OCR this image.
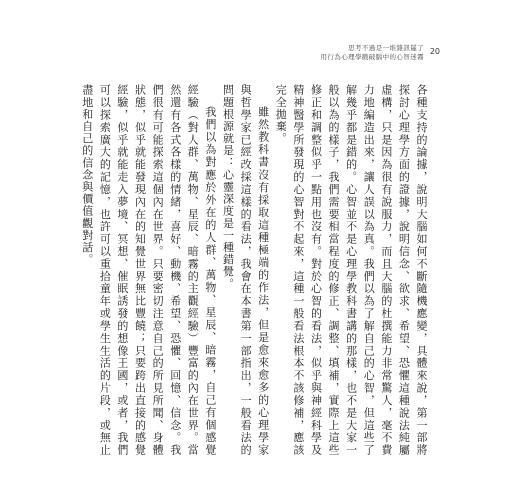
思考不過是一堆雜訊罷了
用行為心理學戳破腦中的心智迷霧
20

各種支持的論據，說明大腦如何不斷隨機應變，具體來說，第一部將探討心理學方面的證據，說明信念、欲求、希望、恐懼這種說法純屬虛構，只是因為很有說服力，而且大腦的杜撰能力非常驚人，毫不費力地編造出來，讓人誤以為真。我們以為了解自己的心智，但這些了解幾乎都是錯的。心智並不是心理學教科書講的那樣，也不是大家一般以為的樣子，我們需要相當程度的修正、調整、填補，實際上這些修正和調整似乎一點用也沒有。對於心智的看法，似乎與神經科學及精神醫學所發現的心智對不起來，這種一般看法根本不該修補，應該完全拋棄。

雖然教科書沒有採取這種極端的作法，但是愈來愈多的心理學家與哲學家已經改採這樣的看法，我會在本書第一部指出，一般看法的問題根源就是：心靈深度是一種錯覺。

我們以為對應於外在的人群、萬物、星辰、暗霧，自己有個感覺經驗（對人群、萬物、星辰、暗霧的主觀經驗）豐富的內在世界。當然還有各式各樣的情緒，喜好、動機、希望、恐懼、回憶、信念。我們很有可能探索這個內在世界。只要密切注意自己的所見所聞、身體狀態，似乎就能發現內在的知覺世界無比豐饒；只要跨出直接的感覺經驗，似乎就能走入夢境、冥想、催眠誘發的想像王國，或者，我們可以探索廣大的記憶，也許可以重拾童年或學生生活的片段，或無止盡地和自己的信念與價值觀對話。
